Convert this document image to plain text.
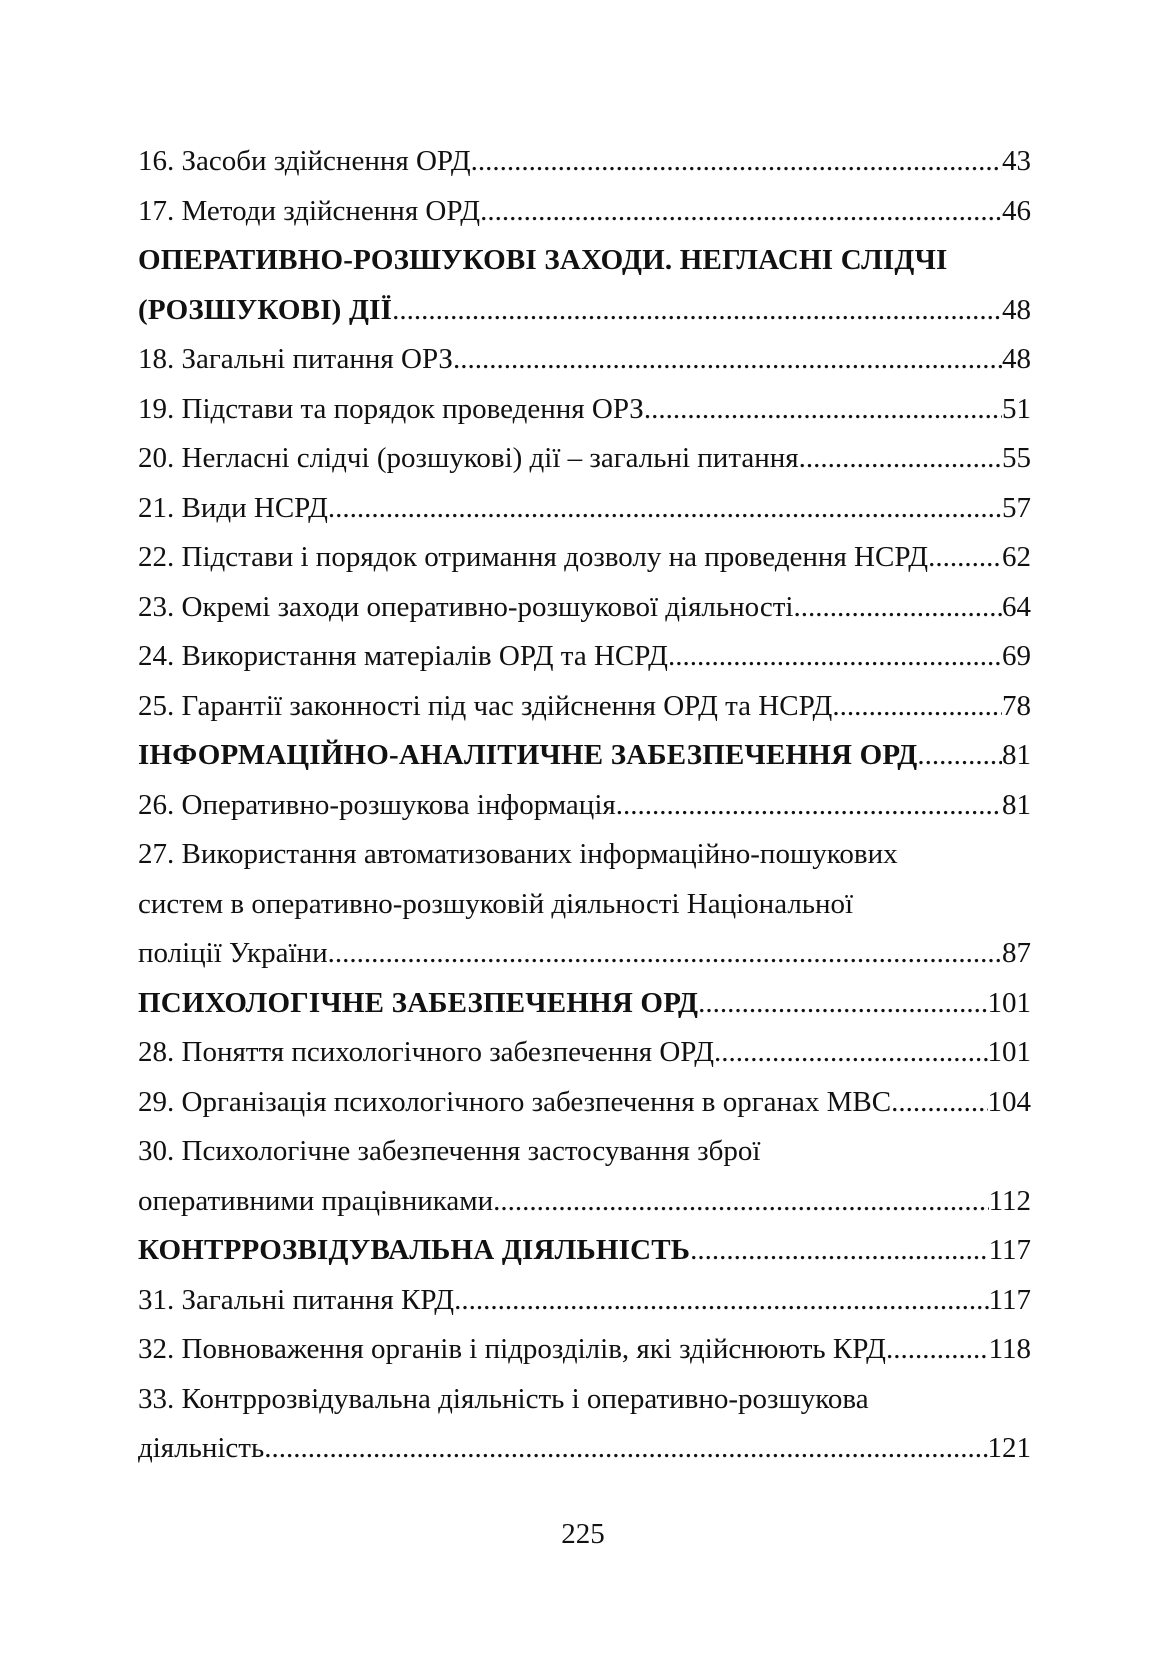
16. Засоби здійснення ОРД .....	43
17. Методи здійснення ОРД .....	46
ОПЕРАТИВНО-РОЗШУКОВІ ЗАХОДИ. НЕГЛАСНІ СЛІДЧІ
(РОЗШУКОВІ) ДІЇ .....	48
18. Загальні питання ОРЗ .....	48
19. Підстави та порядок проведення ОРЗ .....	51
20. Негласні слідчі (розшукові) дії – загальні питання .....	55
21. Види НСРД .....	57
22. Підстави і порядок отримання дозволу на проведення НСРД .....	62
23. Окремі заходи оперативно-розшукової діяльності .....	64
24. Використання матеріалів ОРД та НСРД .....	69
25. Гарантії законності під час здійснення ОРД та НСРД .....	78
ІНФОРМАЦІЙНО-АНАЛІТИЧНЕ ЗАБЕЗПЕЧЕННЯ ОРД .....	81
26. Оперативно-розшукова інформація .....	81
27. Використання автоматизованих інформаційно-пошукових
систем в оперативно-розшуковій діяльності Національної
поліції України .....	87
ПСИХОЛОГІЧНЕ ЗАБЕЗПЕЧЕННЯ ОРД .....	101
28. Поняття психологічного забезпечення ОРД .....	101
29. Організація психологічного забезпечення в органах МВС .....	104
30. Психологічне забезпечення застосування зброї
оперативними працівниками .....	112
КОНТРРОЗВІДУВАЛЬНА ДІЯЛЬНІСТЬ .....	117
31. Загальні питання КРД .....	117
32. Повноваження органів і підрозділів, які здійснюють КРД .....	118
33. Контррозвідувальна діяльність і оперативно-розшукова
діяльність .....	121
225
